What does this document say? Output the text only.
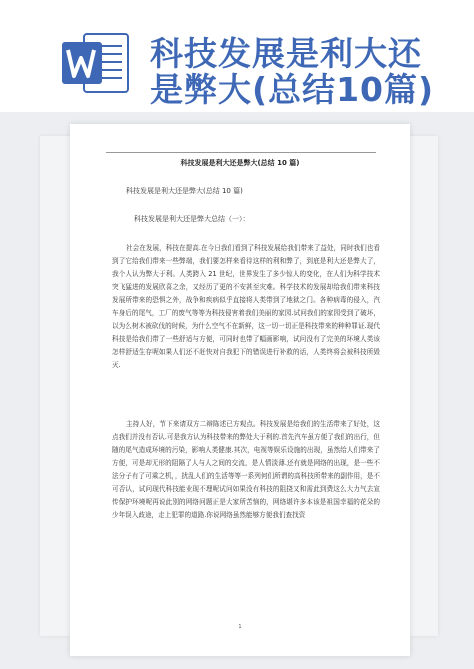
科技发展是利大还
是弊大(总结10篇)
科技发展是利大还是弊大(总结 10 篇)
科技发展是利大还是弊大(总结 10 篇)
科技发展是利大还是弊大总结（一）：
社会在发展，科技在提高.在今日我们看到了科技发展给我们带来了益处，同时我们也看到了它给我们带来一些弊端，我们要怎样来看待这样的利和弊了，到底是利大还是弊大了，我个人认为弊大于利。人类跨入 21 世纪，世界发生了多少惊人的变化，在人们为科学技术突飞猛进的发展欣喜之余，又经历了更的不安甚至灾难。科学技术的发展却给我们带来科技发展所带来的恐惧之外，战争和疾病似乎直接将人类带到了地狱之门。各种病毒的侵入，汽车身后的尾气，工厂的废气等等为科技侵害着我们美丽的家园.试问我们的家园受到了破坏，以为么树木被砍伐的时候，为什么空气不在新鲜，这一切一切正是科技带来的种种罪证.现代科技是给我们带了一些舒适与方便，可同时也带了幅画影响，试问没有了完美的环境人类该怎样舒适生存呢如果人们还不赶快对自我犯下的错误进行补救的话，人类终将会被科技所毁灭.
主持人好，节下来请双方二辩陈述已方观点。科技发展是给我们的生活带来了好处，这点我们并没有否认.可是我方认为科技带来的弊处大于利的.首先汽车虽方便了我们的出行，但随的尾气造成环境的污染，影响人类健康.其次，电视等娱乐设施的出现，虽然给人们带来了方便，可是却无形的阻隔了人与人之间的交流，是人情淡薄.还有就是网络的出现，是一些不法分子有了可乘之机，，扰乱人们的生活等等一系列何们所谓的高科技所带来的副作用，是不可否认，试问现代科技能业现不理呢试问如果没有科技的阻挠又和需此到费这么大力气去宣传保护环境呢再说此别的网络问题正是大家所苦恼的，网络堪许多本该是祖国幸福的花朵的少年误入歧途，走上犯罪的道路.你说网络虽然能够方便我们查找资
1
